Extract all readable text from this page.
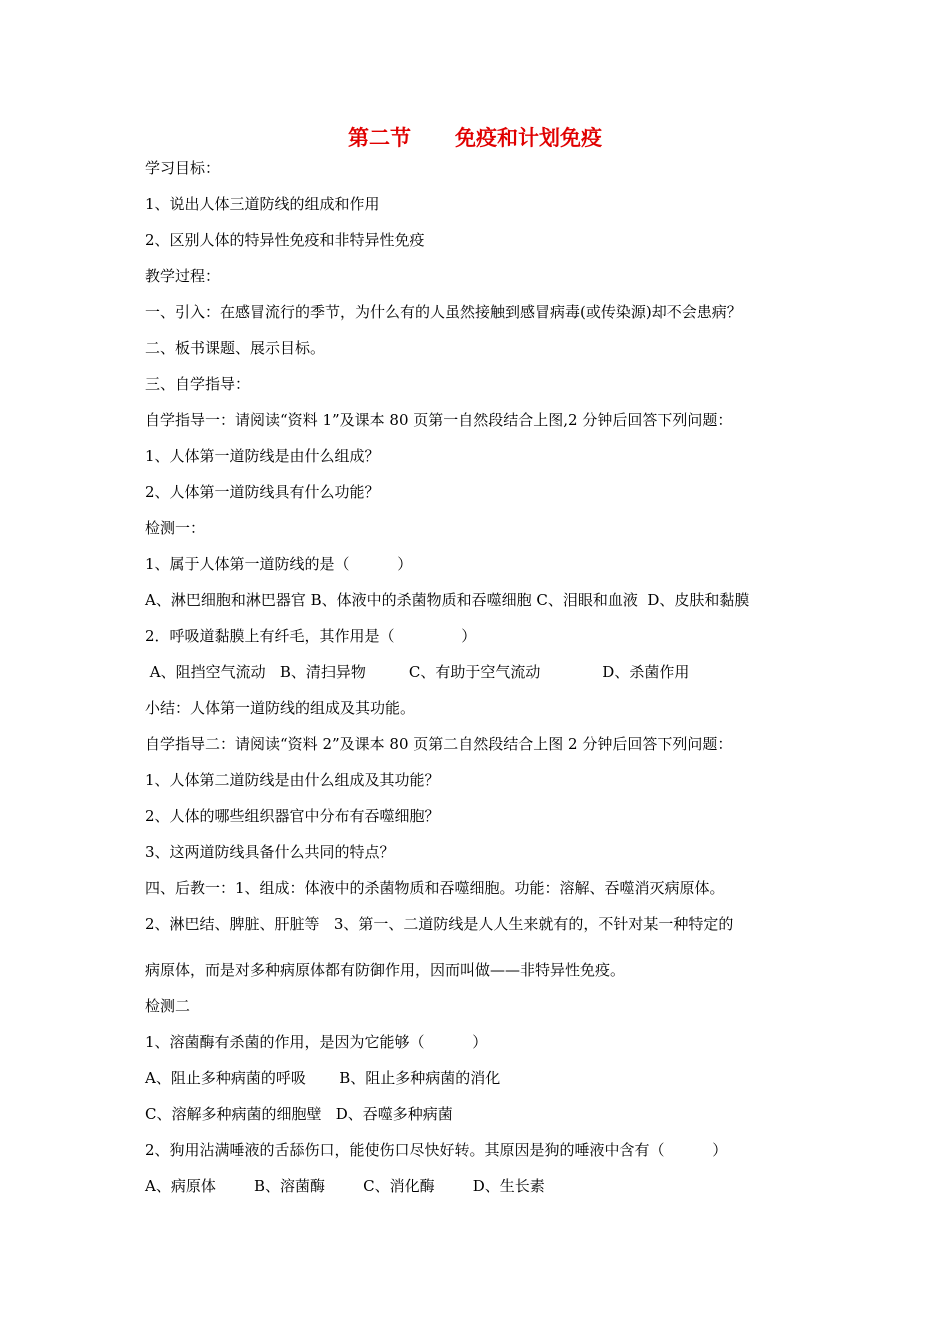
第二节 免疫和计划免疫
学习目标：
1、说出人体三道防线的组成和作用
2、区别人体的特异性免疫和非特异性免疫
教学过程：
一、引入：在感冒流行的季节，为什么有的人虽然接触到感冒病毒(或传染源)却不会患病？
二、板书课题、展示目标。
三、自学指导：
自学指导一：请阅读“资料 1”及课本 80 页第一自然段结合上图,2 分钟后回答下列问题：
1、人体第一道防线是由什么组成？
2、人体第一道防线具有什么功能？
检测一：
1、属于人体第一道防线的是（          ）
A、淋巴细胞和淋巴器官 B、体液中的杀菌物质和吞噬细胞 C、泪眼和血液  D、皮肤和黏膜
2．呼吸道黏膜上有纤毛，其作用是（              ）
A、阻挡空气流动   B、清扫异物         C、有助于空气流动             D、杀菌作用
小结：人体第一道防线的组成及其功能。
自学指导二：请阅读“资料 2”及课本 80 页第二自然段结合上图 2 分钟后回答下列问题：
1、人体第二道防线是由什么组成及其功能？
2、人体的哪些组织器官中分布有吞噬细胞？
3、这两道防线具备什么共同的特点？
四、后教一：1、组成：体液中的杀菌物质和吞噬细胞。功能：溶解、吞噬消灭病原体。
2、淋巴结、脾脏、肝脏等   3、第一、二道防线是人人生来就有的，不针对某一种特定的
病原体，而是对多种病原体都有防御作用，因而叫做——非特异性免疫。
检测二
1、溶菌酶有杀菌的作用，是因为它能够（          ）
A、阻止多种病菌的呼吸       B、阻止多种病菌的消化
C、溶解多种病菌的细胞壁   D、吞噬多种病菌
2、狗用沾满唾液的舌舔伤口，能使伤口尽快好转。其原因是狗的唾液中含有（          ）
A、病原体        B、溶菌酶        C、消化酶        D、生长素
